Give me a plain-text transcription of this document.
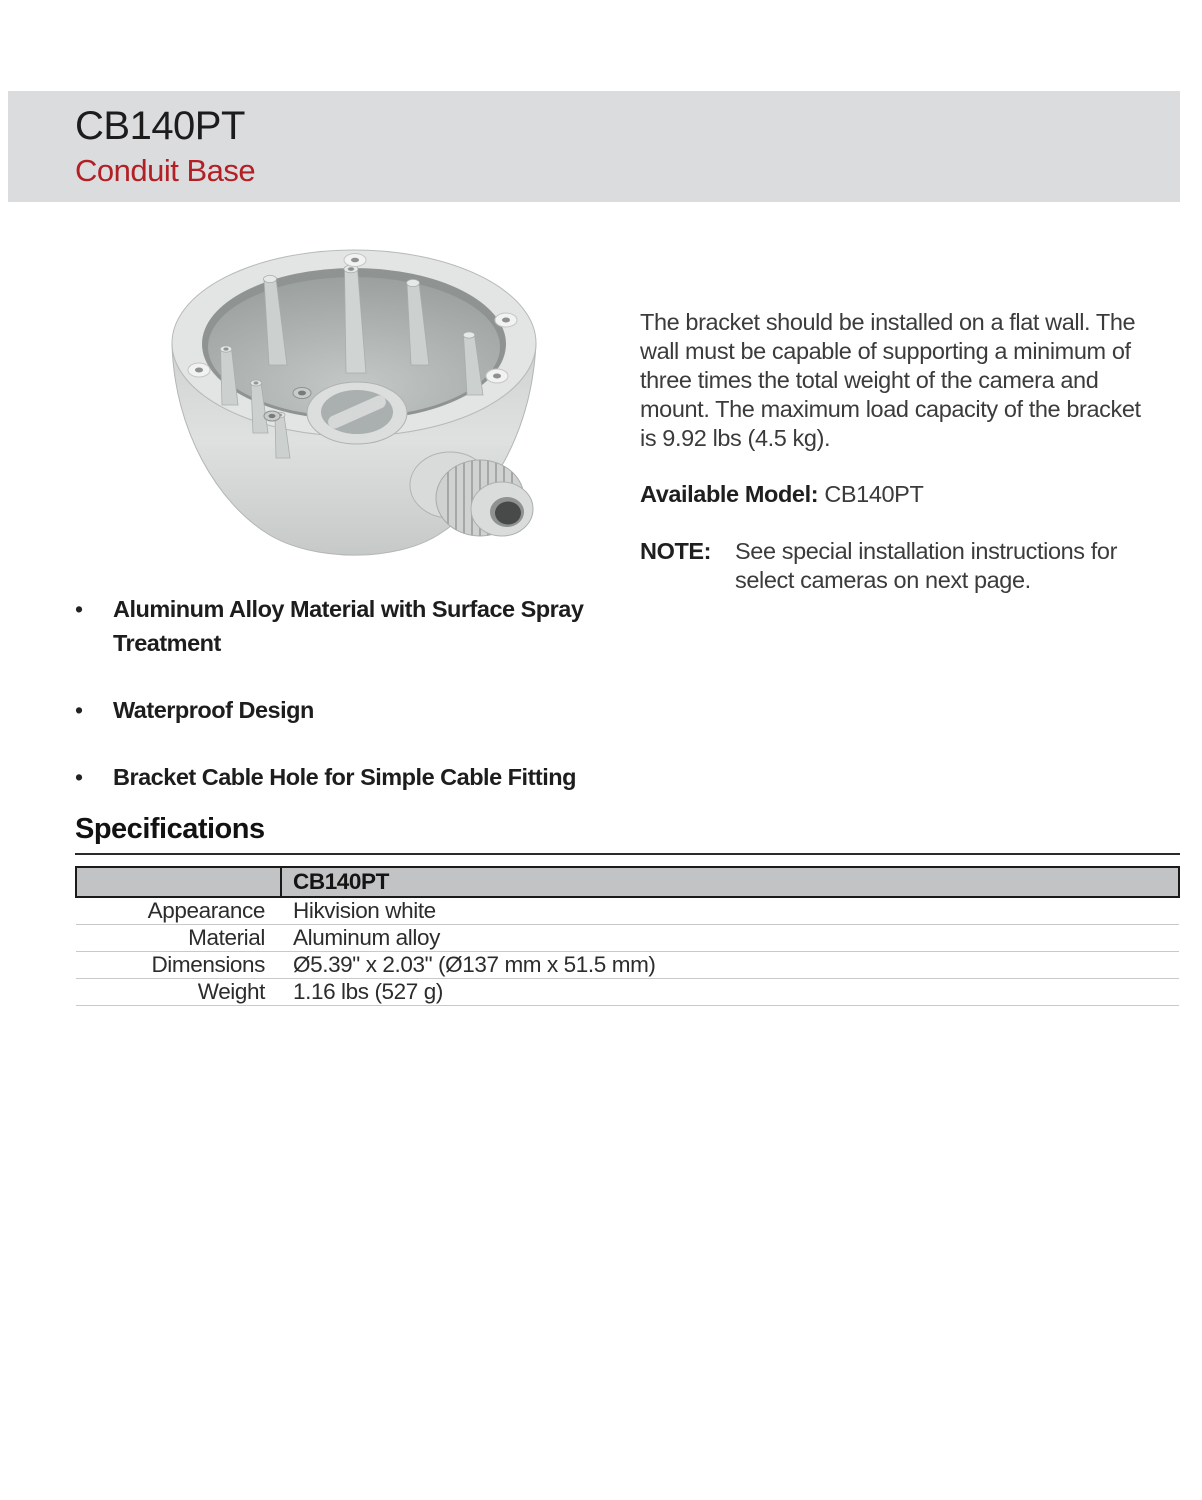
CB140PT
Conduit Base
The bracket should be installed on a flat wall. The
wall must be capable of supporting a minimum of
three times the total weight of the camera and
mount. The maximum load capacity of the bracket
is 9.92 lbs (4.5 kg).
Available Model: CB140PT
NOTE:	See special installation instructions for
select cameras on next page.
•	Aluminum Alloy Material with Surface Spray Treatment
•	Waterproof Design
•	Bracket Cable Hole for Simple Cable Fitting
Specifications
	CB140PT
Appearance	Hikvision white
Material	Aluminum alloy
Dimensions	Ø5.39" x 2.03" (Ø137 mm x 51.5 mm)
Weight	1.16 lbs (527 g)
